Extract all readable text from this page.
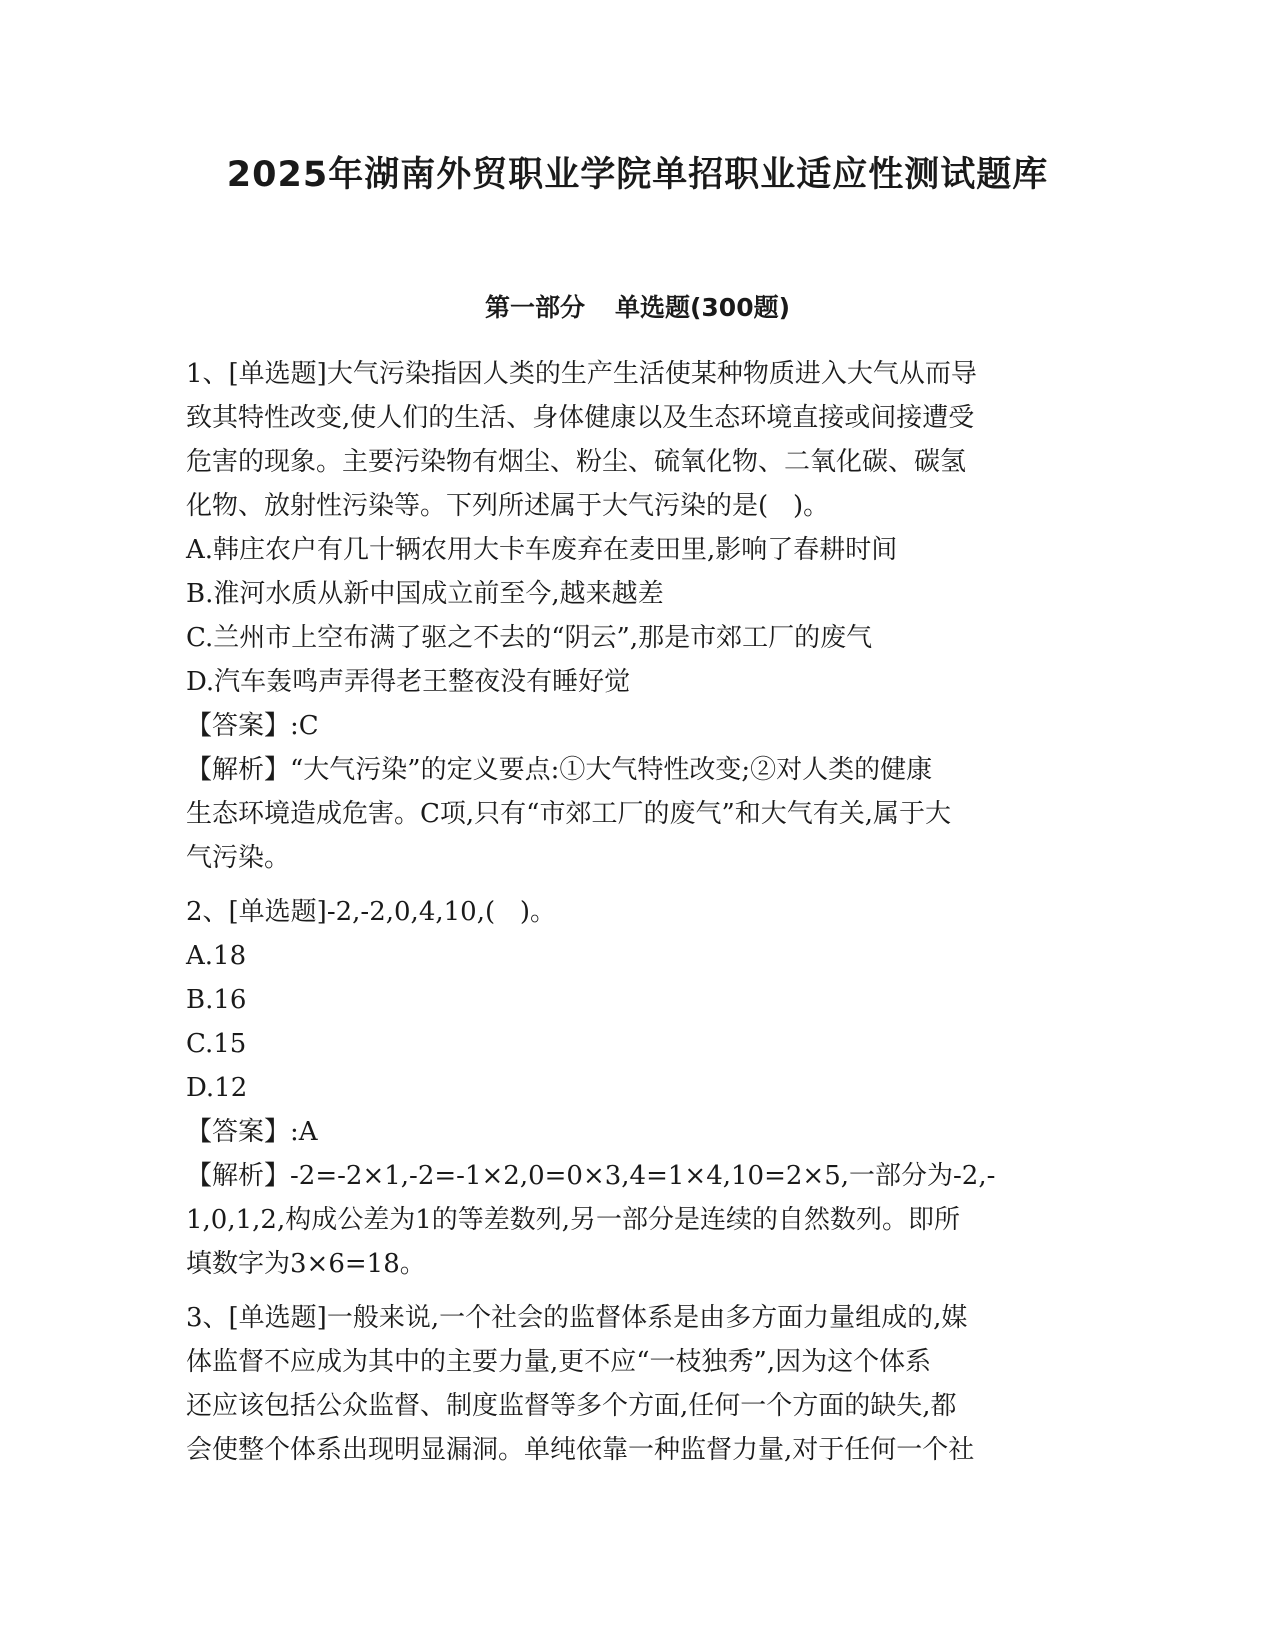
2025年湖南外贸职业学院单招职业适应性测试题库
第一部分 单选题(300题)
1、[单选题]大气污染指因人类的生产生活使某种物质进入大气从而导
致其特性改变,使人们的生活、身体健康以及生态环境直接或间接遭受
危害的现象。主要污染物有烟尘、粉尘、硫氧化物、二氧化碳、碳氢
化物、放射性污染等。下列所述属于大气污染的是(   )。
A.韩庄农户有几十辆农用大卡车废弃在麦田里,影响了春耕时间
B.淮河水质从新中国成立前至今,越来越差
C.兰州市上空布满了驱之不去的“阴云”,那是市郊工厂的废气
D.汽车轰鸣声弄得老王整夜没有睡好觉
【答案】:C
【解析】“大气污染”的定义要点:①大气特性改变;②对人类的健康
生态环境造成危害。C项,只有“市郊工厂的废气”和大气有关,属于大
气污染。
2、[单选题]-2,-2,0,4,10,(   )。
A.18
B.16
C.15
D.12
【答案】:A
【解析】-2=-2×1,-2=-1×2,0=0×3,4=1×4,10=2×5,一部分为-2,-
1,0,1,2,构成公差为1的等差数列,另一部分是连续的自然数列。即所
填数字为3×6=18。
3、[单选题]一般来说,一个社会的监督体系是由多方面力量组成的,媒
体监督不应成为其中的主要力量,更不应“一枝独秀”,因为这个体系
还应该包括公众监督、制度监督等多个方面,任何一个方面的缺失,都
会使整个体系出现明显漏洞。单纯依靠一种监督力量,对于任何一个社
